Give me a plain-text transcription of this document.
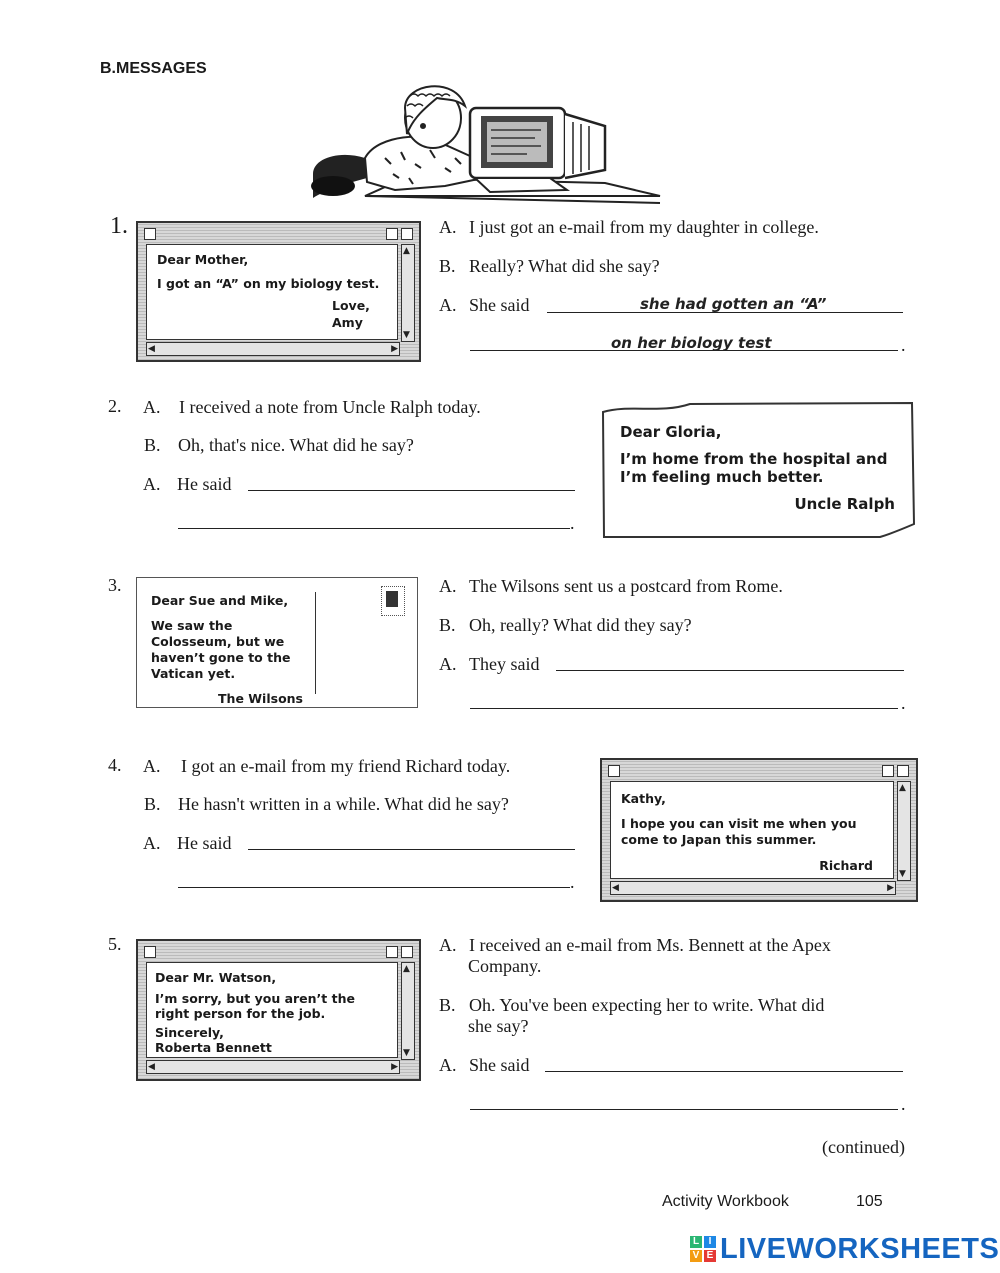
B.MESSAGES
1.
Dear Mother,
I got an “A” on my biology test.
Love,
Amy
▲
▼
◀	▶
A. I just got an e-mail from my daughter in college.
B. Really? What did she say?
A. She said	she had gotten an “A”
on her biology test	.
2. A. I received a note from Uncle Ralph today.
B. Oh, that's nice. What did he say?
A. He said
.
Dear Gloria,
I’m home from the hospital and I’m feeling much better.
Uncle Ralph
3.
Dear Sue and Mike,
We saw the Colosseum, but we haven’t gone to the Vatican yet.
The Wilsons
A. The Wilsons sent us a postcard from Rome.
B. Oh, really? What did they say?
A. They said
.
4. A. I got an e-mail from my friend Richard today.
B. He hasn't written in a while. What did he say?
A. He said
.
Kathy,
I hope you can visit me when you come to Japan this summer.
Richard
▲
▼
◀	▶
5.
Dear Mr. Watson,
I’m sorry, but you aren’t the right person for the job.
Sincerely,
Roberta Bennett
▲
▼
◀	▶
A. I received an e-mail from Ms. Bennett at the Apex
Company.
B. Oh. You've been expecting her to write. What did
she say?
A. She said
.
(continued)
Activity Workbook	105
L I
V E LIVEWORKSHEETS
